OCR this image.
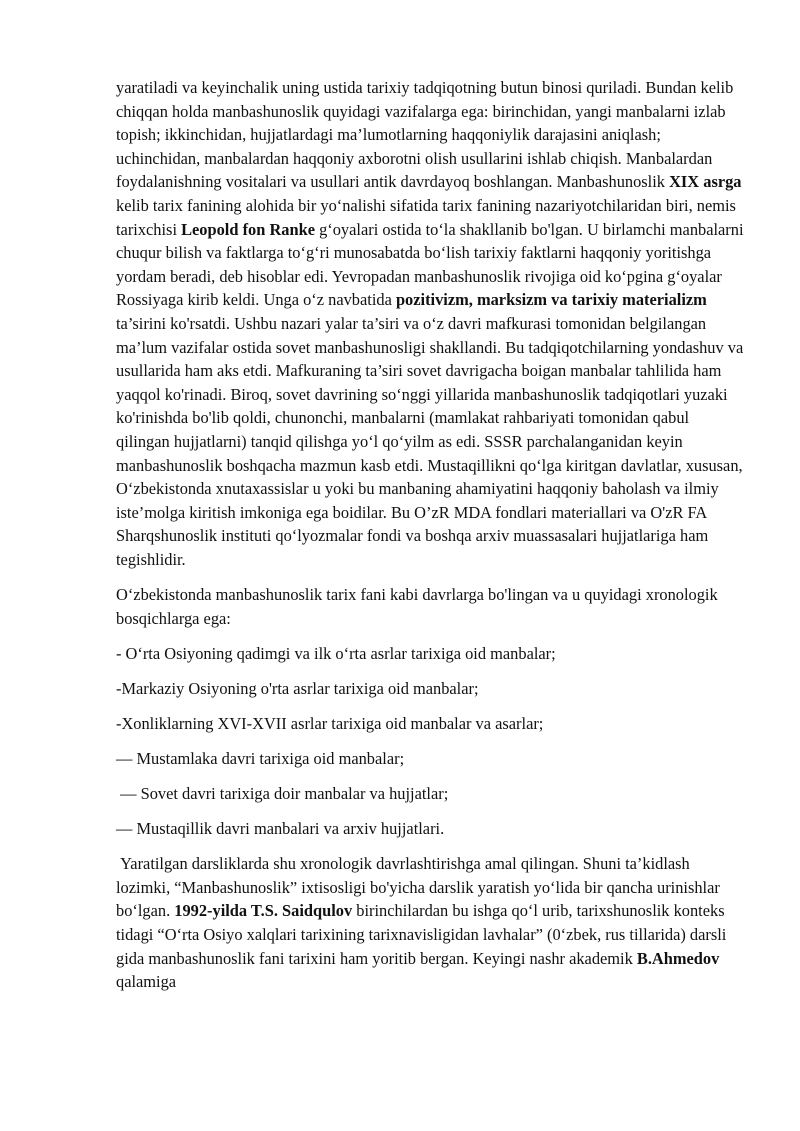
yaratiladi va keyinchalik uning ustida tarixiy tadqiqotning butun binosi quriladi. Bundan kelib chiqqan holda manbashunoslik quyidagi vazifalarga ega: birinchidan, yangi manbalarni izlab topish; ikkinchidan, hujjatlardagi ma’lumotlarning haqqoniylik darajasini aniqlash; uchinchidan, manbalardan haqqoniy axborotni olish usullarini ishlab chiqish. Manbalardan foydalanishning vositalari va usullari antik davrdayoq boshlangan. Manbashunoslik XIX asrga kelib tarix fanining alohida bir yo‘nalishi sifatida tarix fanining nazariyotchilaridan biri, nemis tarixchisi Leopold fon Ranke g‘oyalari ostida to‘la shakllanib bo'lgan. U birlamchi manbalarni chuqur bilish va faktlarga to‘g‘ri munosabatda bo‘lish tarixiy faktlarni haqqoniy yoritishga yordam beradi, deb hisoblar edi. Yevropadan manbashunoslik rivojiga oid ko‘pgina g‘oyalar Rossiyaga kirib keldi. Unga o‘z navbatida pozitivizm, marksizm va tarixiy materializm ta’sirini ko'rsatdi. Ushbu nazari yalar ta’siri va o‘z davri mafkurasi tomonidan belgilangan ma’lum vazifalar ostida sovet manbashunosligi shakllandi. Bu tadqiqotchilarning yondashuv va usullarida ham aks etdi. Mafkuraning ta’siri sovet davrigacha boigan manbalar tahlilida ham yaqqol ko'rinadi. Biroq, sovet davrining so‘nggi yillarida manbashunoslik tadqiqotlari yuzaki ko'rinishda bo'lib qoldi, chunonchi, manbalarni (mamlakat rahbariyati tomonidan qabul qilingan hujjatlarni) tanqid qilishga yo‘l qo‘yilm as edi. SSSR parchalanganidan keyin manbashunoslik boshqacha mazmun kasb etdi. Mustaqillikni qo‘lga kiritgan davlatlar, xususan, O‘zbekistonda xnutaxassislar u yoki bu manbaning ahamiyatini haqqoniy baholash va ilmiy iste’molga kiritish imkoniga ega boidilar. Bu O’zR MDA fondlari materiallari va O'zR FA Sharqshunoslik instituti qo‘lyozmalar fondi va boshqa arxiv muassasalari hujjatlariga ham tegishlidir.

O‘zbekistonda manbashunoslik tarix fani kabi davrlarga bo'lingan va u quyidagi xronologik bosqichlarga ega:

- O‘rta Osiyoning qadimgi va ilk o‘rta asrlar tarixiga oid manbalar;

-Markaziy Osiyoning o'rta asrlar tarixiga oid manbalar;

-Xonliklarning XVI-XVII asrlar tarixiga oid manbalar va asarlar;

— Mustamlaka davri tarixiga oid manbalar;

— Sovet davri tarixiga doir manbalar va hujjatlar;

— Mustaqillik davri manbalari va arxiv hujjatlari.

Yaratilgan darsliklarda shu xronologik davrlashtirishga amal qilingan. Shuni ta’kidlash lozimki, “Manbashunoslik” ixtisosligi bo'yicha darslik yaratish yo‘lida bir qancha urinishlar bo‘lgan. 1992-yilda T.S. Saidqulov birinchilardan bu ishga qo‘l urib, tarixshunoslik konteks tidagi “O‘rta Osiyo xalqlari tarixining tarixnavisligidan lavhalar” (0‘zbek, rus tillarida) darsli gida manbashunoslik fani tarixini ham yoritib bergan. Keyingi nashr akademik B.Ahmedov qalamiga
